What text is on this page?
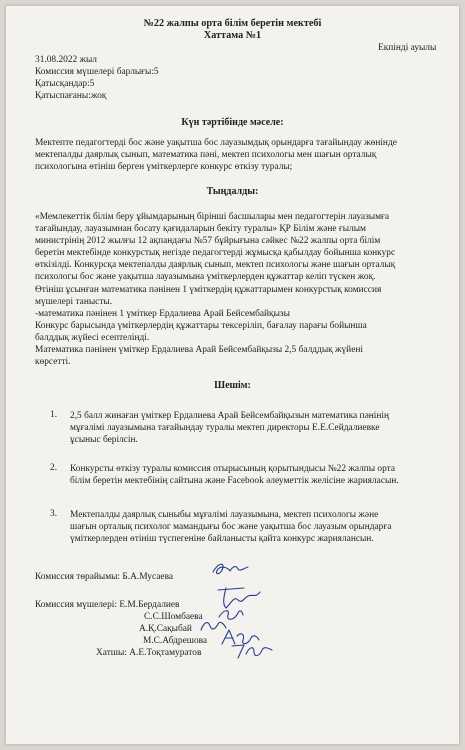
№22 жалпы орта білім беретін мектебі
Хаттама №1
Екпінді ауылы
31.08.2022 жыл
Комиссия мүшелері барлығы:5
Қатысқандар:5
Қатыспағаны:жоқ
Күн тәртібінде мәселе:
Мектепте педагогтерді бос және уақытша бос лауазымдық орындарға тағайындау жөнінде
мектепалды даярлық сынып, математика пәні, мектеп психологы мен шағын орталық
психологына өтініш берген үміткерлерге конкурс өткізу туралы;
Тыңдалды:
«Мемлекеттік білім беру ұйымдарының бірінші басшылары мен педагогтерін лауазымға
тағайындау, лауазымнан босату қағидаларын бекіту туралы» ҚР Білім және ғылым
министрінің 2012 жылғы 12 ақпандағы №57 бұйрығына сәйкес №22 жалпы орта білім
беретін мектебінде конкурстық негізде педагогтерді жұмысқа қабылдау бойынша конкурс
өткізілді. Конкурсқа мектепалды даярлық сынып, мектеп психологы және шағын орталық
психологы бос және уақытша лауазымына үміткерлерден құжаттар келіп түскен жоқ.
Өтініш ұсынған математика пәнінен 1 үміткердің құжаттарымен конкурстық комиссия
мүшелері танысты.
-математика пәнінен 1 үміткер Ердалиева Арай Бейсембайқызы
Конкурс барысында үміткерлердің құжаттары тексеріліп, бағалау парағы бойынша
балддық жүйесі есептелінді.
Математика пәнінен үміткер Ердалиева Арай Бейсембайқызы 2,5 балддық жүйені
көрсетті.
Шешім:
1. 2,5 балл жинаған үміткер Ердалиева Арай Бейсембайқызын математика пәнінің
мұғалімі лауазымына тағайындау туралы мектеп директоры Е.Е.Сейдалиевке
ұсыныс берілсін.
2. Конкурсты өткізу туралы комиссия отырысының қорытындысы №22 жалпы орта
білім беретін мектебінің сайтына және Facebook әлеуметтік желісіне жарияласын.
3. Мектепалды даярлық сыныбы мұғалімі лауазымына, мектеп психологы және
шағын орталық психолог мамандығы бос және уақытша бос лауазым орындарға
үміткерлерден өтініш түспегеніне байланысты қайта конкурс жариялансын.
Комиссия төрайымы: Б.А.Мусаева
Комиссия мүшелері: Е.М.Бердалиев
С.С.Шомбаева
А.Қ.Сақыбай
М.С.Абдрешова
Хатшы: А.Е.Тоқтамуратов
